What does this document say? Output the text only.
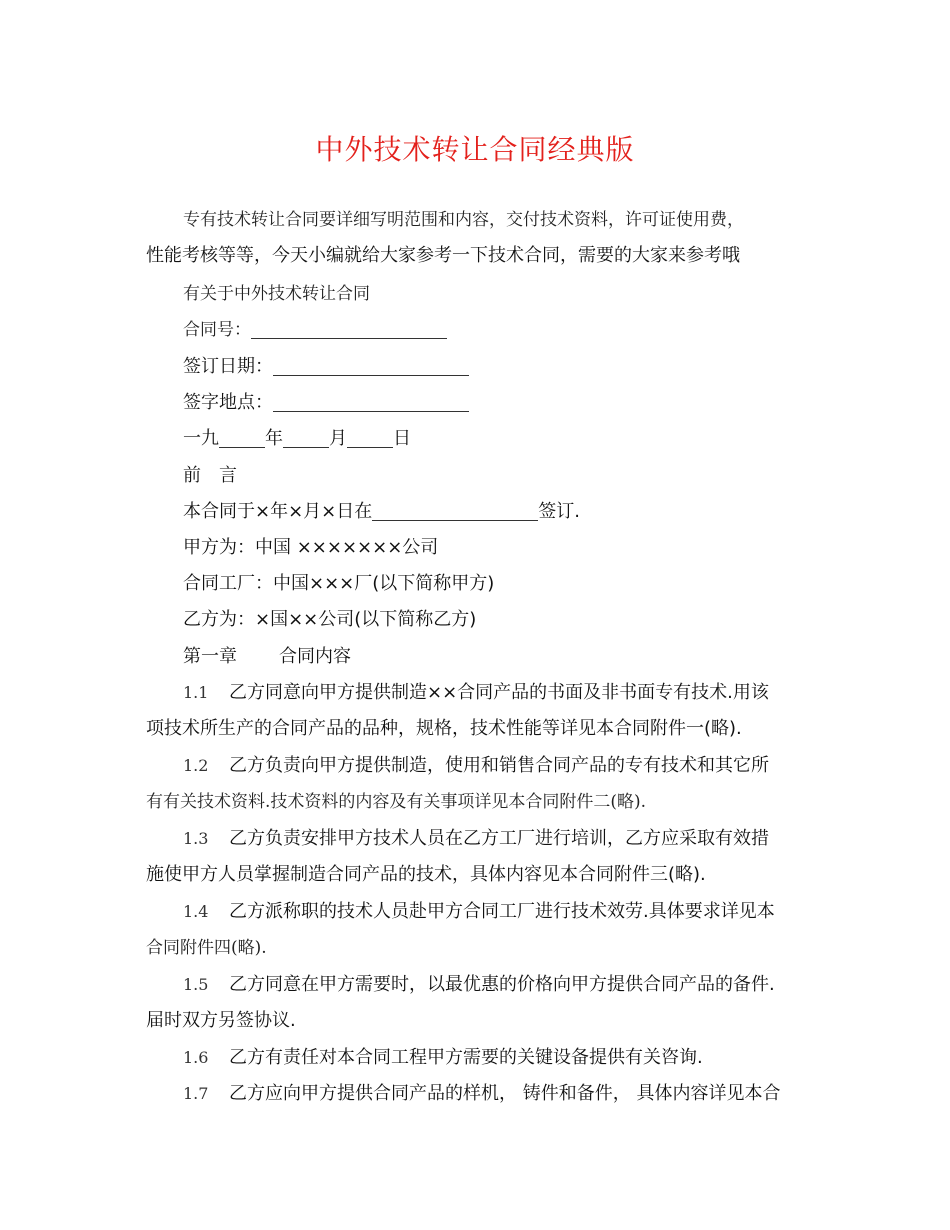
中外技术转让合同经典版
专有技术转让合同要详细写明范围和内容，交付技术资料，许可证使用费，
性能考核等等，今天小编就给大家参考一下技术合同，需要的大家来参考哦
有关于中外技术转让合同
合同号：
签订日期：
签字地点：
一九	年	月	日
前　言
本合同于×年×月×日在	签订.
甲方为：中国 ×××××××公司
合同工厂：中国×××厂(以下简称甲方)
乙方为：×国××公司(以下简称乙方)
第一章 合同内容
1.1 乙方同意向甲方提供制造××合同产品的书面及非书面专有技术.用该
项技术所生产的合同产品的品种，规格，技术性能等详见本合同附件一(略).
1.2 乙方负责向甲方提供制造，使用和销售合同产品的专有技术和其它所
有有关技术资料.技术资料的内容及有关事项详见本合同附件二(略).
1.3 乙方负责安排甲方技术人员在乙方工厂进行培训，乙方应采取有效措
施使甲方人员掌握制造合同产品的技术，具体内容见本合同附件三(略).
1.4 乙方派称职的技术人员赴甲方合同工厂进行技术效劳.具体要求详见本
合同附件四(略).
1.5 乙方同意在甲方需要时，以最优惠的价格向甲方提供合同产品的备件.
届时双方另签协议.
1.6 乙方有责任对本合同工程甲方需要的关键设备提供有关咨询.
1.7 乙方应向甲方提供合同产品的样机， 铸件和备件， 具体内容详见本合
